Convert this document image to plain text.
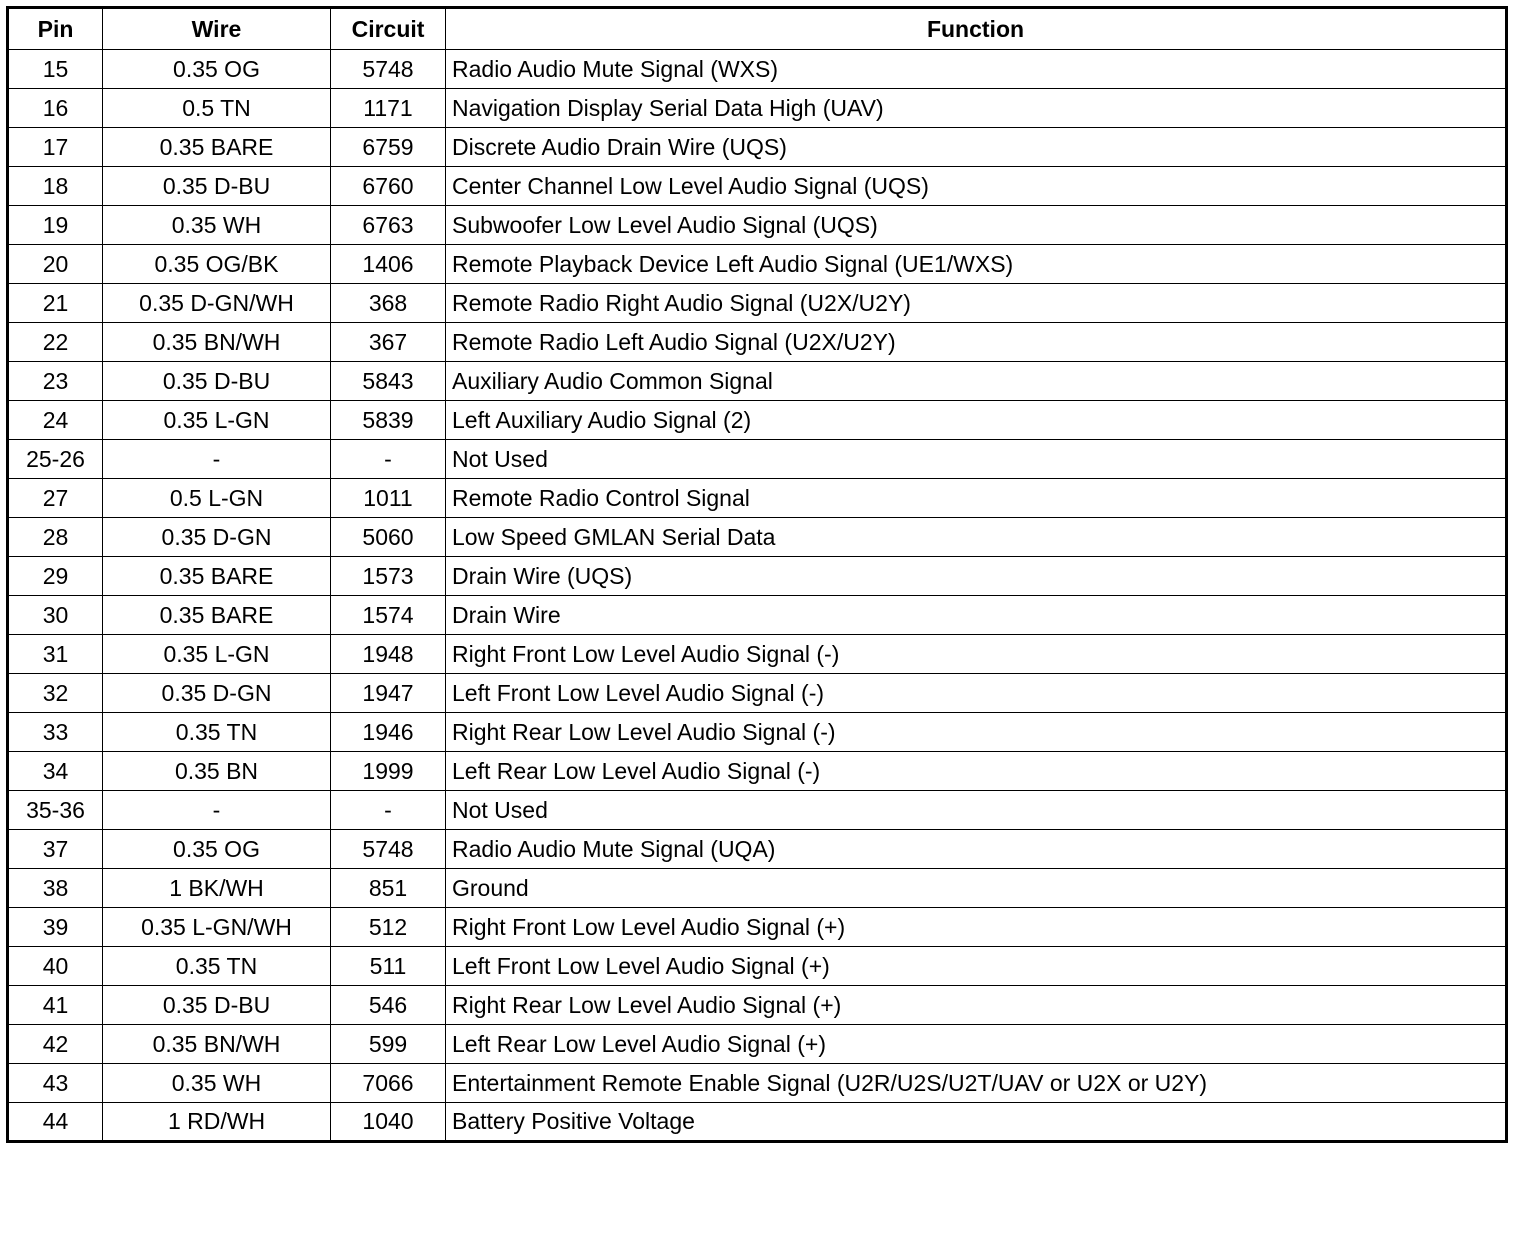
Pin	Wire	Circuit	Function
15	0.35 OG	5748	Radio Audio Mute Signal (WXS)
16	0.5 TN	1171	Navigation Display Serial Data High (UAV)
17	0.35 BARE	6759	Discrete Audio Drain Wire (UQS)
18	0.35 D-BU	6760	Center Channel Low Level Audio Signal (UQS)
19	0.35 WH	6763	Subwoofer Low Level Audio Signal (UQS)
20	0.35 OG/BK	1406	Remote Playback Device Left Audio Signal (UE1/WXS)
21	0.35 D-GN/WH	368	Remote Radio Right Audio Signal (U2X/U2Y)
22	0.35 BN/WH	367	Remote Radio Left Audio Signal (U2X/U2Y)
23	0.35 D-BU	5843	Auxiliary Audio Common Signal
24	0.35 L-GN	5839	Left Auxiliary Audio Signal (2)
25-26	-	-	Not Used
27	0.5 L-GN	1011	Remote Radio Control Signal
28	0.35 D-GN	5060	Low Speed GMLAN Serial Data
29	0.35 BARE	1573	Drain Wire (UQS)
30	0.35 BARE	1574	Drain Wire
31	0.35 L-GN	1948	Right Front Low Level Audio Signal (-)
32	0.35 D-GN	1947	Left Front Low Level Audio Signal (-)
33	0.35 TN	1946	Right Rear Low Level Audio Signal (-)
34	0.35 BN	1999	Left Rear Low Level Audio Signal (-)
35-36	-	-	Not Used
37	0.35 OG	5748	Radio Audio Mute Signal (UQA)
38	1 BK/WH	851	Ground
39	0.35 L-GN/WH	512	Right Front Low Level Audio Signal (+)
40	0.35 TN	511	Left Front Low Level Audio Signal (+)
41	0.35 D-BU	546	Right Rear Low Level Audio Signal (+)
42	0.35 BN/WH	599	Left Rear Low Level Audio Signal (+)
43	0.35 WH	7066	Entertainment Remote Enable Signal (U2R/U2S/U2T/UAV or U2X or U2Y)
44	1 RD/WH	1040	Battery Positive Voltage
